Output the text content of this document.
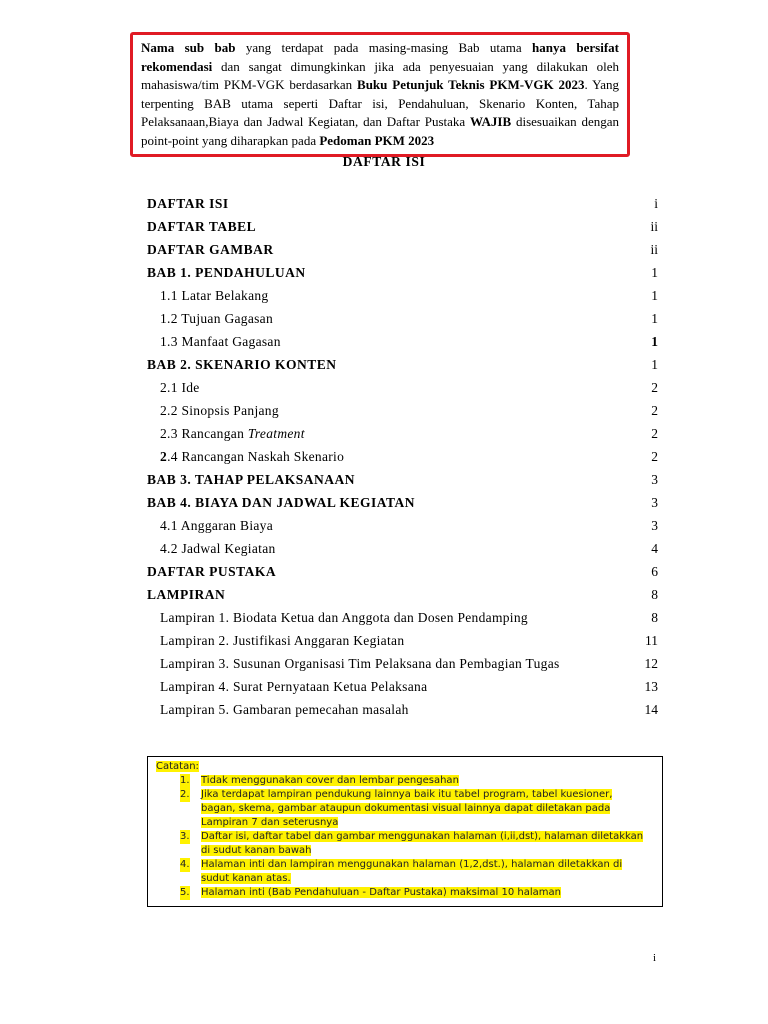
Nama sub bab yang terdapat pada masing-masing Bab utama hanya bersifat rekomendasi dan sangat dimungkinkan jika ada penyesuaian yang dilakukan oleh mahasiswa/tim PKM-VGK berdasarkan Buku Petunjuk Teknis PKM-VGK 2023. Yang terpenting BAB utama seperti Daftar isi, Pendahuluan, Skenario Konten, Tahap Pelaksanaan,Biaya dan Jadwal Kegiatan, dan Daftar Pustaka WAJIB disesuaikan dengan point-point yang diharapkan pada Pedoman PKM 2023
DAFTAR ISI
DAFTAR ISI	i
DAFTAR TABEL	ii
DAFTAR GAMBAR	ii
BAB 1. PENDAHULUAN	1
1.1 Latar Belakang	1
1.2 Tujuan Gagasan	1
1.3 Manfaat Gagasan	1
BAB 2. SKENARIO KONTEN	1
2.1 Ide	2
2.2 Sinopsis Panjang	2
2.3 Rancangan Treatment	2
2.4 Rancangan Naskah Skenario	2
BAB 3. TAHAP PELAKSANAAN	3
BAB 4. BIAYA DAN JADWAL KEGIATAN	3
4.1 Anggaran Biaya	3
4.2 Jadwal Kegiatan	4
DAFTAR PUSTAKA	6
LAMPIRAN	8
Lampiran 1. Biodata Ketua dan Anggota dan Dosen Pendamping	8
Lampiran 2. Justifikasi Anggaran Kegiatan	11
Lampiran 3. Susunan Organisasi Tim Pelaksana dan Pembagian Tugas	12
Lampiran 4. Surat Pernyataan Ketua Pelaksana	13
Lampiran 5. Gambaran pemecahan masalah	14
Catatan:
1. Tidak menggunakan cover dan lembar pengesahan
2. Jika terdapat lampiran pendukung lainnya baik itu tabel program, tabel kuesioner,
bagan, skema, gambar ataupun dokumentasi visual lainnya dapat diletakan pada
Lampiran 7 dan seterusnya
3. Daftar isi, daftar tabel dan gambar menggunakan halaman (i,ii,dst), halaman diletakkan
di sudut kanan bawah
4. Halaman inti dan lampiran menggunakan halaman (1,2,dst.), halaman diletakkan di
sudut kanan atas.
5. Halaman inti (Bab Pendahuluan - Daftar Pustaka) maksimal 10 halaman
i
